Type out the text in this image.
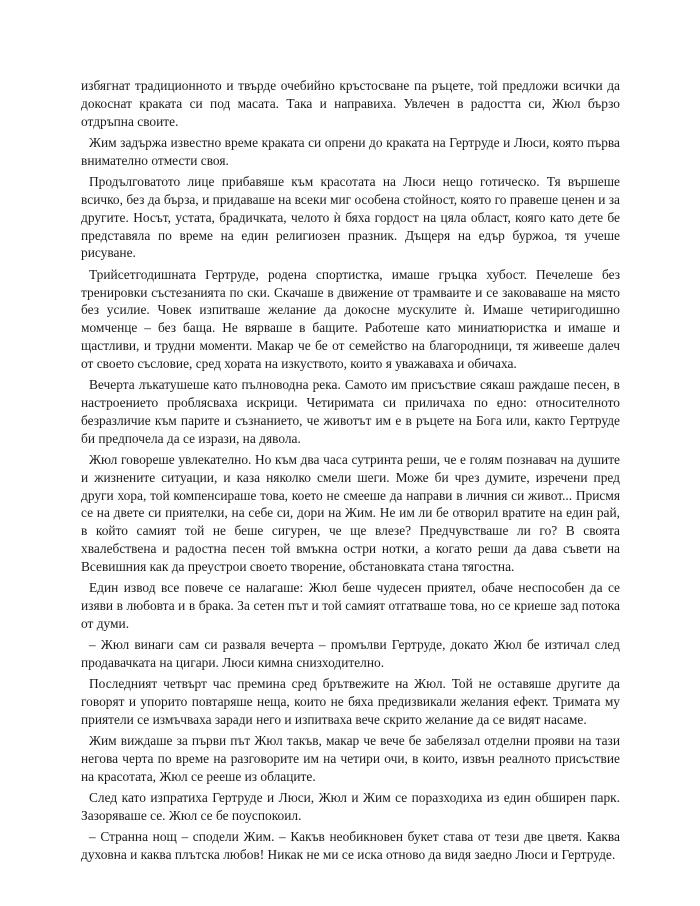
избягнат традиционното и твърде очебийно кръстосване па ръцете, той предложи всички да докоснат краката си под масата. Така и направиха. Увлечен в радостта си, Жюл бързо отдръпна своите.

Жим задържа известно време краката си опрени до краката на Гертруде и Люси, която първа внимателно отмести своя.

Продълговатото лице прибавяше към красотата на Люси нещо готическо. Тя вършеше всичко, без да бърза, и придаваше на всеки миг особена стойност, която го правеше ценен и за другите. Носът, устата, брадичката, челото ѝ бяха гордост на цяла област, кояго като дете бе представяла по време на един религиозен празник. Дъщеря на едър буржоа, тя учеше рисуване.

Трийсетгодишната Гертруде, родена спортистка, имаше гръцка хубост. Печелеше без тренировки състезанията по ски. Скачаше в движение от трамваите и се заковаваше на място без усилие. Човек изпитваше желание да докосне мускулите ѝ. Имаше четиригодишно момченце – без баща. Не вярваше в бащите. Работеше като миниатюристка и имаше и щастливи, и трудни моменти. Макар че бе от семейство на благородници, тя живееше далеч от своето съсловие, сред хората на изкуството, които я уважаваха и обичаха.

Вечерта лъкатушеше като пълноводна река. Самото им присъствие сякаш раждаше песен, в настроението проблясваха искрици. Четиримата си приличаха по едно: относителното безразличие към парите и съзнанието, че животът им е в ръцете на Бога или, както Гертруде би предпочела да се изрази, на дявола.

Жюл говореше увлекателно. Но към два часа сутринта реши, че е голям познавач на душите и жизнените ситуации, и каза няколко смели шеги. Може би чрез думите, изречени пред други хора, той компенсираше това, което не смееше да направи в личния си живот... Присмя се на двете си приятелки, на себе си, дори на Жим. Не им ли бе отворил вратите на един рай, в който самият той не беше сигурен, че ще влезе? Предчувстваше ли го? В своята хвалебствена и радостна песен той вмъкна остри нотки, а когато реши да дава съвети на Всевишния как да преустрои своето творение, обстановката стана тягостна.

Един извод все повече се налагаше: Жюл беше чудесен приятел, обаче неспособен да се изяви в любовта и в брака. За сетен път и той самият отгатваше това, но се криеше зад потока от думи.

– Жюл винаги сам си разваля вечерта – промълви Гертруде, докато Жюл бе изтичал след продавачката на цигари. Люси кимна снизходително.

Последният четвърт час премина сред брътвежите на Жюл. Той не оставяше другите да говорят и упорито повтаряше неща, които не бяха предизвикали желания ефект. Тримата му приятели се измъчваха заради него и изпитваха вече скрито желание да се видят насаме.

Жим виждаше за първи път Жюл такъв, макар че вече бе забелязал отделни прояви на тази негова черта по време на разговорите им на четири очи, в които, извън реалното присъствие на красотата, Жюл се рееше из облаците.

След като изпратиха Гертруде и Люси, Жюл и Жим се поразходиха из един обширен парк. Зазоряваше се. Жюл се бе поуспокоил.

– Странна нощ – сподели Жим. – Какъв необикновен букет става от тези две цветя. Каква духовна и каква плътска любов! Никак не ми се иска отново да видя заедно Люси и Гертруде.
